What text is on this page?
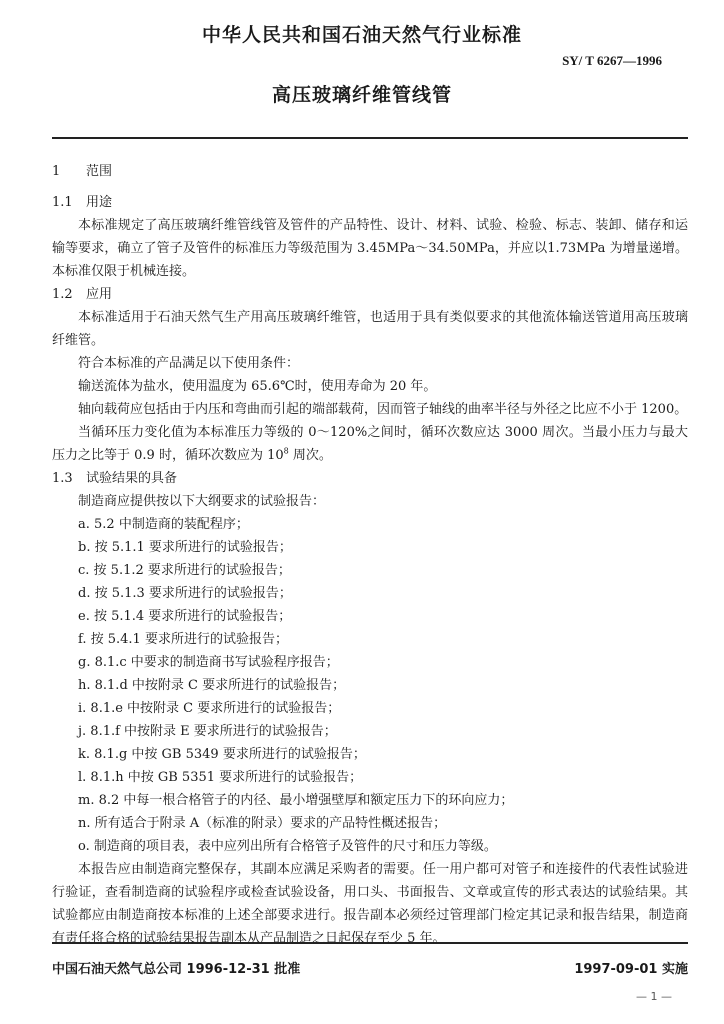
中华人民共和国石油天然气行业标准
SY/ T 6267—1996
高压玻璃纤维管线管

1 范围

1.1 用途

本标准规定了高压玻璃纤维管线管及管件的产品特性、设计、材料、试验、检验、标志、装卸、储存和运输等要求，确立了管子及管件的标准压力等级范围为 3.45MPa～34.50MPa，并应以1.73MPa 为增量递增。本标准仅限于机械连接。

1.2 应用

本标准适用于石油天然气生产用高压玻璃纤维管，也适用于具有类似要求的其他流体输送管道用高压玻璃纤维管。

符合本标准的产品满足以下使用条件：

输送流体为盐水，使用温度为 65.6℃时，使用寿命为 20 年。

轴向载荷应包括由于内压和弯曲而引起的端部载荷，因而管子轴线的曲率半径与外径之比应不小于 1200。

当循环压力变化值为本标准压力等级的 0～120%之间时，循环次数应达 3000 周次。当最小压力与最大压力之比等于 0.9 时，循环次数应为 $10^8$ 周次。

1.3 试验结果的具备

制造商应提供按以下大纲要求的试验报告：

a. 5.2 中制造商的装配程序；

b. 按 5.1.1 要求所进行的试验报告；

c. 按 5.1.2 要求所进行的试验报告；

d. 按 5.1.3 要求所进行的试验报告；

e. 按 5.1.4 要求所进行的试验报告；

f. 按 5.4.1 要求所进行的试验报告；

g. 8.1.c 中要求的制造商书写试验程序报告；

h. 8.1.d 中按附录 C 要求所进行的试验报告；

i. 8.1.e 中按附录 C 要求所进行的试验报告；

j. 8.1.f 中按附录 E 要求所进行的试验报告；

k. 8.1.g 中按 GB 5349 要求所进行的试验报告；

l. 8.1.h 中按 GB 5351 要求所进行的试验报告；

m. 8.2 中每一根合格管子的内径、最小增强壁厚和额定压力下的环向应力；

n. 所有适合于附录 A（标准的附录）要求的产品特性概述报告；

o. 制造商的项目表，表中应列出所有合格管子及管件的尺寸和压力等级。

本报告应由制造商完整保存，其副本应满足采购者的需要。任一用户都可对管子和连接件的代表性试验进行验证，查看制造商的试验程序或检查试验设备，用口头、书面报告、文章或宣传的形式表达的试验结果。其试验都应由制造商按本标准的上述全部要求进行。报告副本必须经过管理部门检定其记录和报告结果，制造商有责任将合格的试验结果报告副本从产品制造之日起保存至少 5 年。

中国石油天然气总公司 1996-12-31 批准	1997-09-01 实施
— 1 —
